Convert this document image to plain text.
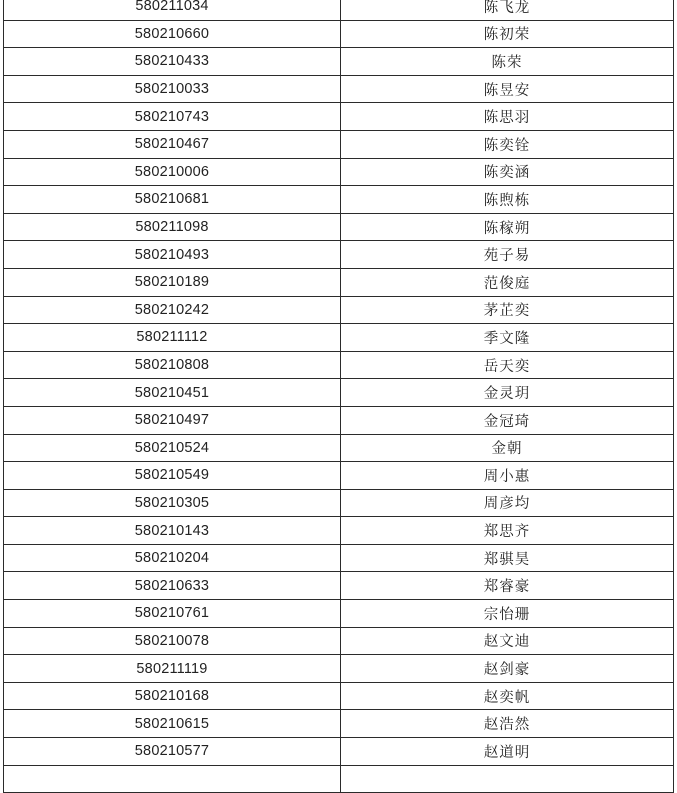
580211034	陈飞龙
580210660	陈初荣
580210433	陈荣
580210033	陈昱安
580210743	陈思羽
580210467	陈奕铨
580210006	陈奕涵
580210681	陈煦栋
580211098	陈稼朔
580210493	苑子易
580210189	范俊庭
580210242	茅芷奕
580211112	季文隆
580210808	岳天奕
580210451	金灵玥
580210497	金冠琦
580210524	金朝
580210549	周小惠
580210305	周彦均
580210143	郑思齐
580210204	郑骐昊
580210633	郑睿豪
580210761	宗怡珊
580210078	赵文迪
580211119	赵剑豪
580210168	赵奕帆
580210615	赵浩然
580210577	赵道明
